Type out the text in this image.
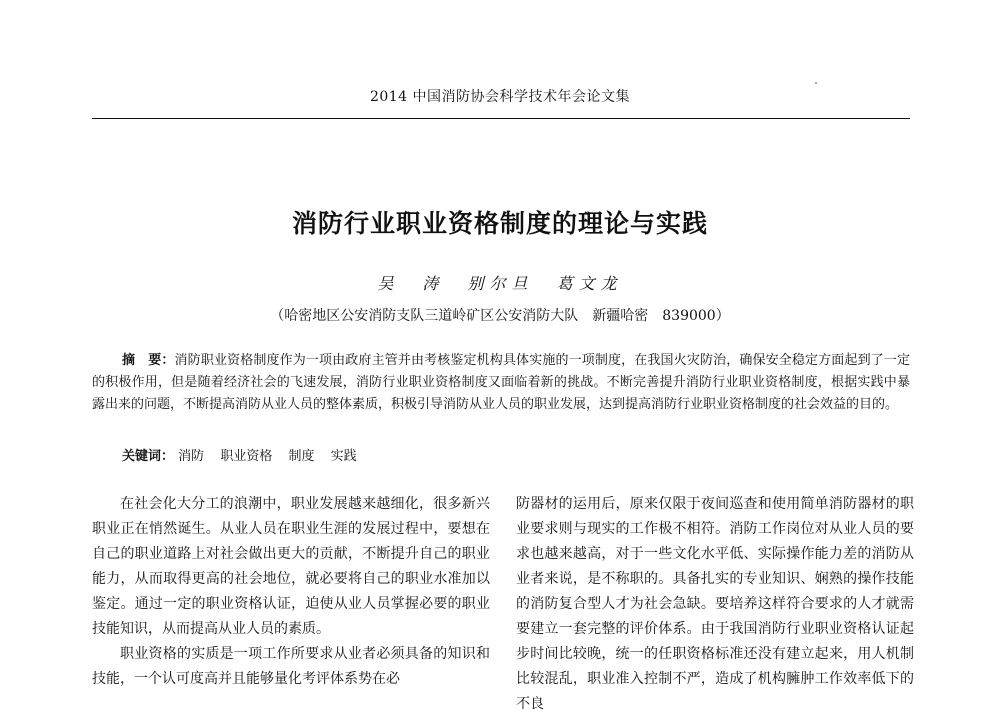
2014 中国消防协会科学技术年会论文集
消防行业职业资格制度的理论与实践
吴 涛 别尔旦 葛文龙
（哈密地区公安消防支队三道岭矿区公安消防大队　新疆哈密　839000）
摘　要：消防职业资格制度作为一项由政府主管并由考核鉴定机构具体实施的一项制度，在我国火灾防治，确保安全稳定方面起到了一定的积极作用，但是随着经济社会的飞速发展，消防行业职业资格制度又面临着新的挑战。不断完善提升消防行业职业资格制度，根据实践中暴露出来的问题，不断提高消防从业人员的整体素质，积极引导消防从业人员的职业发展，达到提高消防行业职业资格制度的社会效益的目的。
关键词： 消防 职业资格 制度 实践

在社会化大分工的浪潮中，职业发展越来越细化，很多新兴职业正在悄然诞生。从业人员在职业生涯的发展过程中，要想在自己的职业道路上对社会做出更大的贡献，不断提升自己的职业能力，从而取得更高的社会地位，就必要将自己的职业水准加以鉴定。通过一定的职业资格认证，迫使从业人员掌握必要的职业技能知识，从而提高从业人员的素质。

职业资格的实质是一项工作所要求从业者必须具备的知识和技能，一个认可度高并且能够量化考评体系势在必

防器材的运用后，原来仅限于夜间巡查和使用简单消防器材的职业要求则与现实的工作极不相符。消防工作岗位对从业人员的要求也越来越高，对于一些文化水平低、实际操作能力差的消防从业者来说，是不称职的。具备扎实的专业知识、娴熟的操作技能的消防复合型人才为社会急缺。要培养这样符合要求的人才就需要建立一套完整的评价体系。由于我国消防行业职业资格认证起步时间比较晚，统一的任职资格标准还没有建立起来，用人机制比较混乱，职业准入控制不严，造成了机构臃肿工作效率低下的不良
